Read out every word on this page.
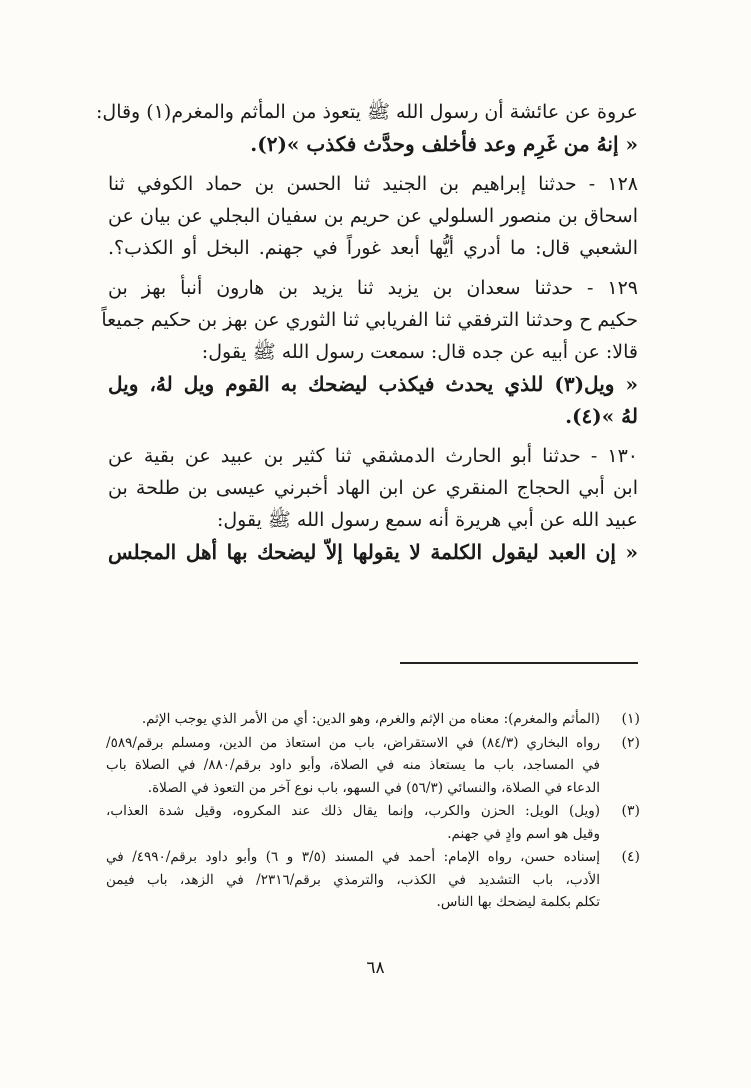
عروة عن عائشة أن رسول الله ﷺ يتعوذ من المأثم والمغرم(١) وقال:
« إنهُ من غَرِم وعد فأخلف وحدَّث فكذب »(٢).
١٢٨ - حدثنا إبراهيم بن الجنيد ثنا الحسن بن حماد الكوفي ثنا
اسحاق بن منصور السلولي عن حريم بن سفيان البجلي عن بيان عن
الشعبي قال: ما أدري أيُّها أبعد غوراً في جهنم. البخل أو الكذب؟.
١٢٩ - حدثنا سعدان بن يزيد ثنا يزيد بن هارون أنبأ بهز بن
حكيم ح وحدثنا الترفقي ثنا الفريابي ثنا الثوري عن بهز بن حكيم جميعاً
قالا: عن أبيه عن جده قال: سمعت رسول الله ﷺ يقول:
« ويل(٣) للذي يحدث فيكذب ليضحك به القوم ويل لهُ، ويل
لهُ »(٤).
١٣٠ - حدثنا أبو الحارث الدمشقي ثنا كثير بن عبيد عن بقية عن
ابن أبي الحجاج المنقري عن ابن الهاد أخبرني عيسى بن طلحة بن
عبيد الله عن أبي هريرة أنه سمع رسول الله ﷺ يقول:
« إن العبد ليقول الكلمة لا يقولها إلاّ ليضحك بها أهل المجلس
(١)
(المأثم والمغرم): معناه من الإثم والغرم، وهو الدين: أي من الأمر الذي يوجب الإثم.
(٢)
رواه البخاري (٨٤/٣) في الاستقراض، باب من استعاذ من الدين، ومسلم برقم/٥٨٩/
في المساجد، باب ما يستعاذ منه في الصلاة، وأبو داود برقم/٨٨٠/ في الصلاة باب
الدعاء في الصلاة، والنسائي (٥٦/٣) في السهو، باب نوع آخر من التعوذ في الصلاة.
(٣)
(ويل) الويل: الحزن والكرب، وإنما يقال ذلك عند المكروه، وقيل شدة العذاب،
وقيل هو اسم وادٍ في جهنم.
(٤)
إسناده حسن، رواه الإمام: أحمد في المسند (٣/٥ و ٦) وأبو داود برقم/٤٩٩٠/ في
الأدب، باب التشديد في الكذب، والترمذي برقم/٢٣١٦/ في الزهد، باب فيمن
تكلم بكلمة ليضحك بها الناس.
٦٨
